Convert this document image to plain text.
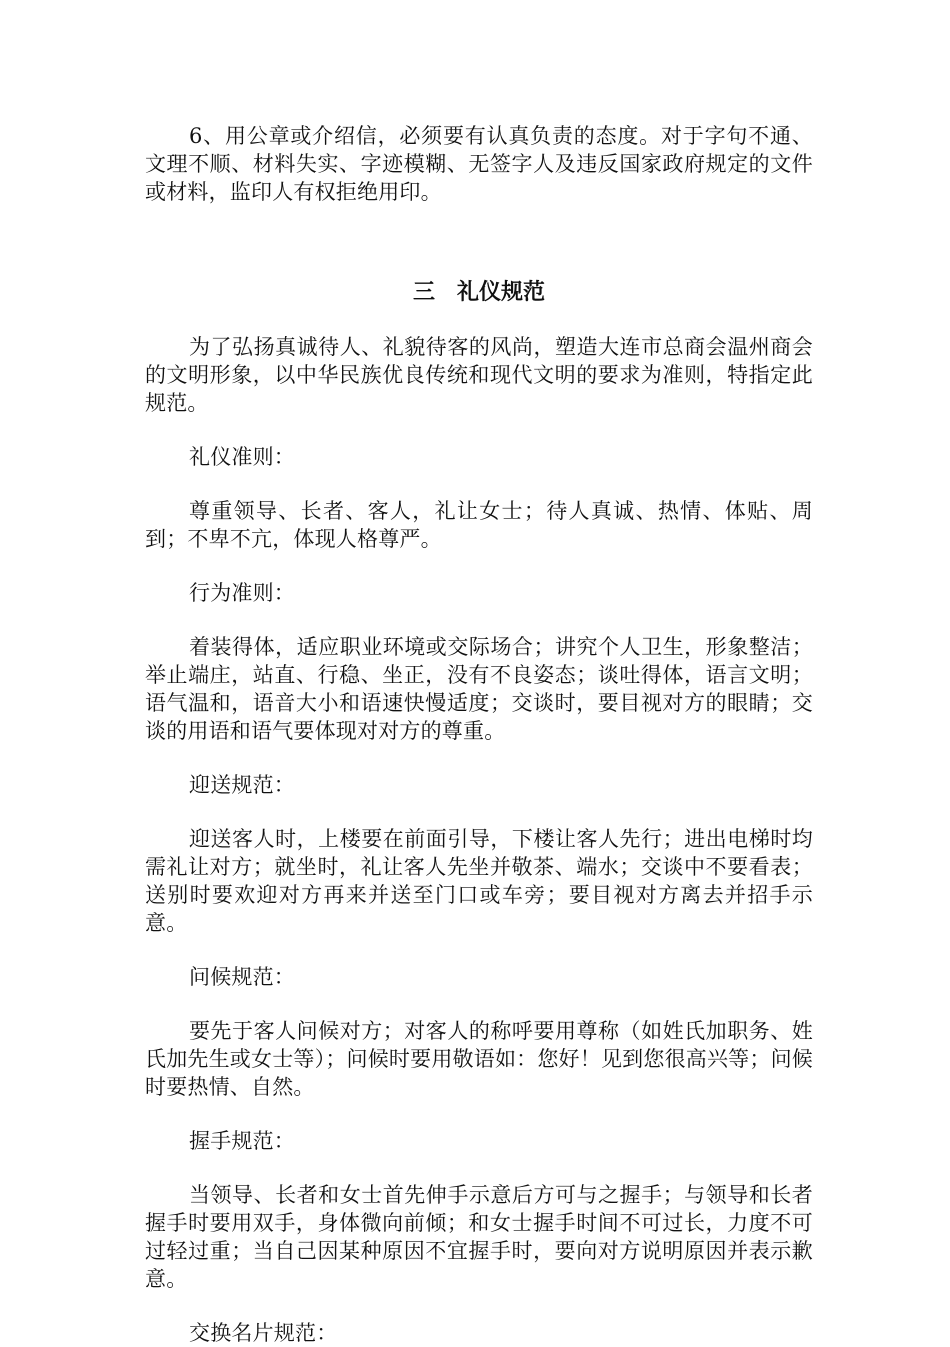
6、用公章或介绍信，必须要有认真负责的态度。对于字句不通、文理不顺、材料失实、字迹模糊、无签字人及违反国家政府规定的文件或材料，监印人有权拒绝用印。

三　礼仪规范

为了弘扬真诚待人、礼貌待客的风尚，塑造大连市总商会温州商会的文明形象，以中华民族优良传统和现代文明的要求为准则，特指定此规范。

礼仪准则：

尊重领导、长者、客人，礼让女士；待人真诚、热情、体贴、周到；不卑不亢，体现人格尊严。

行为准则：

着装得体，适应职业环境或交际场合；讲究个人卫生，形象整洁；举止端庄，站直、行稳、坐正，没有不良姿态；谈吐得体，语言文明；语气温和，语音大小和语速快慢适度；交谈时，要目视对方的眼睛；交谈的用语和语气要体现对对方的尊重。

迎送规范：

迎送客人时，上楼要在前面引导，下楼让客人先行；进出电梯时均需礼让对方；就坐时，礼让客人先坐并敬茶、端水；交谈中不要看表；送别时要欢迎对方再来并送至门口或车旁；要目视对方离去并招手示意。

问候规范：

要先于客人问候对方；对客人的称呼要用尊称（如姓氏加职务、姓氏加先生或女士等）；问候时要用敬语如：您好！见到您很高兴等；问候时要热情、自然。

握手规范：

当领导、长者和女士首先伸手示意后方可与之握手；与领导和长者握手时要用双手，身体微向前倾；和女士握手时间不可过长，力度不可过轻过重；当自己因某种原因不宜握手时，要向对方说明原因并表示歉意。

交换名片规范：
